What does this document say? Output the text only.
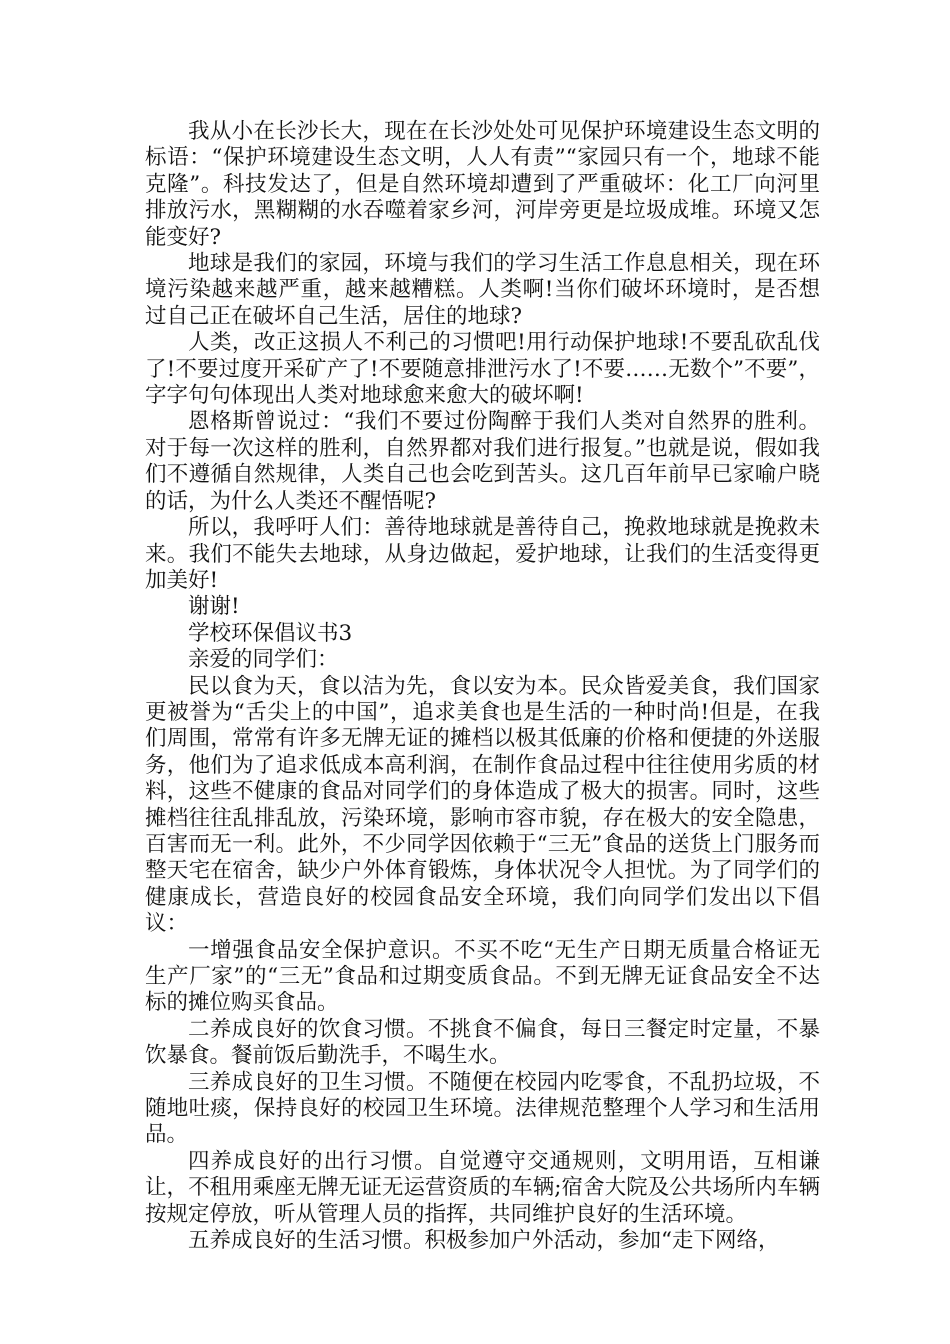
我从小在长沙长大，现在在长沙处处可见保护环境建设生态文明的标语：“保护环境建设生态文明，人人有责”“家园只有一个，地球不能克隆”。科技发达了，但是自然环境却遭到了严重破坏：化工厂向河里排放污水，黑糊糊的水吞噬着家乡河，河岸旁更是垃圾成堆。环境又怎能变好?

地球是我们的家园，环境与我们的学习生活工作息息相关，现在环境污染越来越严重，越来越糟糕。人类啊!当你们破坏环境时，是否想过自己正在破坏自己生活，居住的地球?

人类，改正这损人不利己的习惯吧!用行动保护地球!不要乱砍乱伐了!不要过度开采矿产了!不要随意排泄污水了!不要……无数个”不要”，字字句句体现出人类对地球愈来愈大的破坏啊!

恩格斯曾说过：“我们不要过份陶醉于我们人类对自然界的胜利。对于每一次这样的胜利，自然界都对我们进行报复。”也就是说，假如我们不遵循自然规律，人类自己也会吃到苦头。这几百年前早已家喻户晓的话，为什么人类还不醒悟呢?

所以，我呼吁人们：善待地球就是善待自己，挽救地球就是挽救未来。我们不能失去地球，从身边做起，爱护地球，让我们的生活变得更加美好!

谢谢!

学校环保倡议书3

亲爱的同学们：

民以食为天，食以洁为先，食以安为本。民众皆爱美食，我们国家更被誉为“舌尖上的中国”，追求美食也是生活的一种时尚!但是，在我们周围，常常有许多无牌无证的摊档以极其低廉的价格和便捷的外送服务，他们为了追求低成本高利润，在制作食品过程中往往使用劣质的材料，这些不健康的食品对同学们的身体造成了极大的损害。同时，这些摊档往往乱排乱放，污染环境，影响市容市貌，存在极大的安全隐患，百害而无一利。此外，不少同学因依赖于“三无”食品的送货上门服务而整天宅在宿舍，缺少户外体育锻炼，身体状况令人担忧。为了同学们的健康成长，营造良好的校园食品安全环境，我们向同学们发出以下倡议：

一增强食品安全保护意识。不买不吃“无生产日期无质量合格证无生产厂家”的“三无”食品和过期变质食品。不到无牌无证食品安全不达标的摊位购买食品。

二养成良好的饮食习惯。不挑食不偏食，每日三餐定时定量，不暴饮暴食。餐前饭后勤洗手，不喝生水。

三养成良好的卫生习惯。不随便在校园内吃零食，不乱扔垃圾，不随地吐痰，保持良好的校园卫生环境。法律规范整理个人学习和生活用品。

四养成良好的出行习惯。自觉遵守交通规则，文明用语，互相谦让，不租用乘座无牌无证无运营资质的车辆;宿舍大院及公共场所内车辆按规定停放，听从管理人员的指挥，共同维护良好的生活环境。

五养成良好的生活习惯。积极参加户外活动，参加“走下网络，
